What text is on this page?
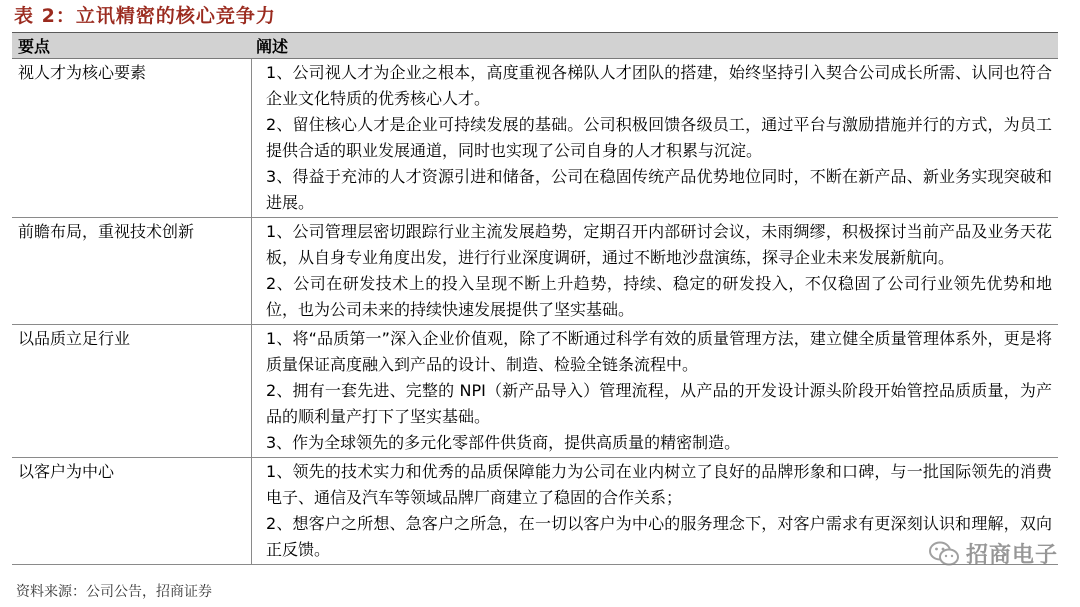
表 2：立讯精密的核心竞争力
要点	阐述
视人才为核心要素	1、公司视人才为企业之根本，高度重视各梯队人才团队的搭建，始终坚持引入契合公司成长所需、认同也符合企业文化特质的优秀核心人才。

2、留住核心人才是企业可持续发展的基础。公司积极回馈各级员工，通过平台与激励措施并行的方式，为员工提供合适的职业发展通道，同时也实现了公司自身的人才积累与沉淀。

3、得益于充沛的人才资源引进和储备，公司在稳固传统产品优势地位同时，不断在新产品、新业务实现突破和进展。

前瞻布局，重视技术创新	1、公司管理层密切跟踪行业主流发展趋势，定期召开内部研讨会议，未雨绸缪，积极探讨当前产品及业务天花板，从自身专业角度出发，进行行业深度调研，通过不断地沙盘演练，探寻企业未来发展新航向。

2、公司在研发技术上的投入呈现不断上升趋势，持续、稳定的研发投入，不仅稳固了公司行业领先优势和地位，也为公司未来的持续快速发展提供了坚实基础。

以品质立足行业	1、将“品质第一”深入企业价值观，除了不断通过科学有效的质量管理方法，建立健全质量管理体系外，更是将质量保证高度融入到产品的设计、制造、检验全链条流程中。

2、拥有一套先进、完整的 NPI（新产品导入）管理流程，从产品的开发设计源头阶段开始管控品质质量，为产品的顺利量产打下了坚实基础。

3、作为全球领先的多元化零部件供货商，提供高质量的精密制造。

以客户为中心	1、领先的技术实力和优秀的品质保障能力为公司在业内树立了良好的品牌形象和口碑，与一批国际领先的消费电子、通信及汽车等领域品牌厂商建立了稳固的合作关系；

2、想客户之所想、急客户之所急，在一切以客户为中心的服务理念下，对客户需求有更深刻认识和理解，双向正反馈。	招商电子
资料来源：公司公告，招商证券
